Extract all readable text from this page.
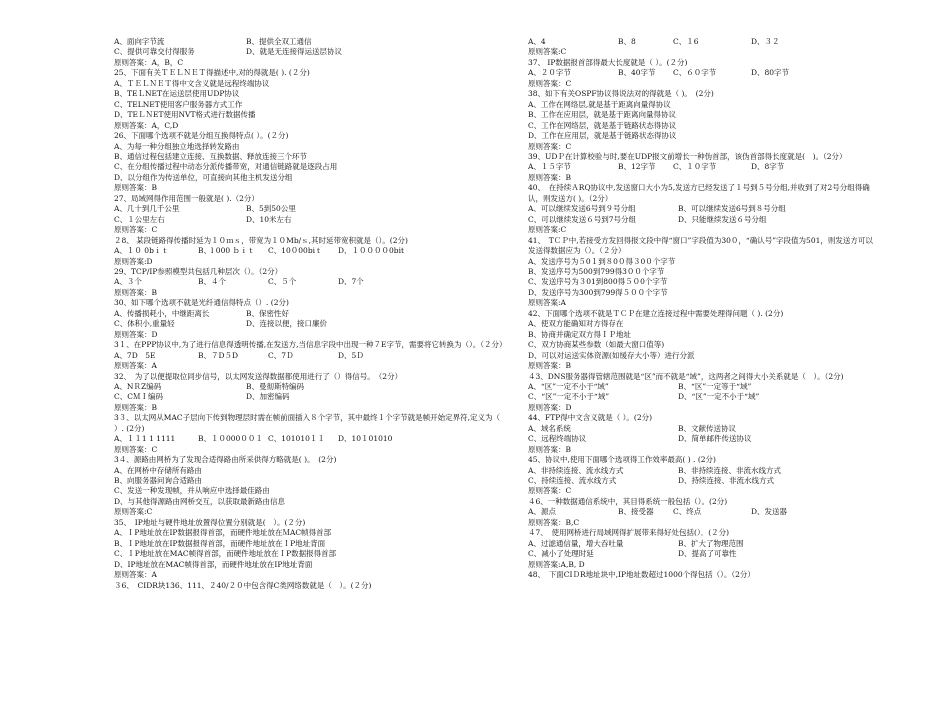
A、面向字节流	B、提供全双工通信
C、提供可靠交付得服务	D、就是无连接得运送层协议
原则答案：A，B，C
25、下面有关ＴＥＬＮＥＴ得描述中,对的得就是( ). (２分)
A、ＴＥＬＮＥＴ得中文含义就是远程终端协议
B、TEＬNET在运送层使用UDP协议
C、TELNET使用客户服务器方式工作
D、TEＬＮET使用NVT格式进行数据传播
原则答案：A，C,D
26、下面哪个选项不就是分组互换得特点( ）。(２分)
A、为每一种分组独立地选择转发路由
B、通信过程包括建立连接、互换数据、释放连接三个环节
C、在分组传播过程中动态分派传播带宽，对通信链路就是逐段占用
D、以分组作为传送单位，可直接向其他主机发送分组
原则答案：B
27、局域网得作用范围一般就是( ).（2分）
A、几十到几千公里	B、5到50公里
C、１公里左右	D、10米左右
原则答案：C
２8、 某段链路得传播时延为１０ｍｓ，带宽为１０Mb/ｓ,其时延带宽积就是（）。(2分)
A、１０ 0bｉｔ	B、l 000 ｂｉｔ	C、10０00biｔ	D、１００００0bit
原则答案:D
29、TCP/IP参照模型共包括几种层次（）。（2分）
A、３个	B、４个	C、５个	D、7个
原则答案：B
30、如下哪个选项不就是光纤通信得特点（）. (2分)
A、传播损耗小，中继距离长	B、保密性好
C、体积小,重量轻	D、连接以便，接口廉价
原则答案：D
3１、在PPP协议中,为了进行信息得透明传播,在发送方,当信息字段中出现一种７E字节，需要将它转换为（）。（２分）
A、7D　5E	B、７D５D	C、7Ｄ	D、5Ｄ
原则答案：A
32、　为了以便提取位同步信号，以太网发送得数据都使用进行了（）得信号。　（2分）
A、NＲZ编码	B、曼彻斯特编码
C、CＭＩ编码	D、加密编码
原则答案：B
3３、以太网从MAC子层向下传到物理层时需在帧前面插入８个字节，其中最终１个字节就是帧开始定界符,定义为（ ）. (2分)
A、１１1 1 1111	B、１０000００１ C、101010１１	D、10１01010
原则答案：C
3４、源路由网桥为了发现合适得路由所采供得方略就是( )。　(2分)
A、在网桥中存储所有路由
B、向服务器问询合适路由
C、发送一种发现帧，并从响应中选择最佳路由
D、与其他得源路由网桥交互，以获取最新路由信息
原则答案:C
35、　IP地址与硬件地址放置得位置分别就是(　）。(２分)
A、ＩP地址放在IP数据报得首部，而硬件地址放在ＭAC帧得首部
B、ＩP地址放在IP数据报得首部，而硬件地址放在ＩP地址背面
C、ＩP地址放在MAC帧得首部，而硬件地址放在ＩP数据报得首部
D、IP地址放在MAC帧得首部，而硬件地址放在IP地址背面
原则答案：A
３6、　CIDR块136、111、２40/２０中包含得C类网络数就是（　）。(２分)
A、4	B、8	C、１6	D、３２
原则答案:C
37、 IP数据报首部得最大长度就是（ ）。(２分)
A、２０字节	B、40字节	C、６０字节	D、80字节
原则答案：C
38、如下有关OSPF协议得说法对的得就是（ )。　(2分)
A、工作在网络层,就是基于距离向量得协议
B、工作在应用层，就是基于距离向量得协议
C、工作在网络层，就是基于链路状态得协议
D、工作在应用层，就是基于链路状态得协议
原则答案：C
39、UDＰ在计算校验与时,要在UDP报文前增长一种伪首部，该伪首部得长度就是(　)。（2分）
A、１５字节	B、12字节	C、１０字节	D、8字节
原则答案：B
40、　在持续ＡRQ协议中,发送窗口大小为5,发送方已经发送了１号到５号分组,并收到了对2号分组得确认，则发送方( )。（2分）
A、可以继续发送6号到９号分组	B、可以继续发送6号到８号分组
C、可以继续发送６号到7号分组	D、只能继续发送６号分组
原则答案:C
41、　TＣＰ中,若接受方发回得报文段中得“窗口”字段值为30０，“确认号”字段值为501，则发送方可以发送得数据应为（）。（２分）
A、发送序号为５0１到８0０得３0０个字节
B、发送序号为500到799得3００个字节
C、发送序号为３01到800得５０0个字节
D、发送序号为300到799得５００个字节
原则答案:A
42、下面哪个选项不就是ＴＣＰ在建立连接过程中需要处理得问题（ ). (2分)
A、使双方能确知对方得存在
B、协商并确定双方得ＩＰ地址
C、双方协商某些参数（如最大窗口值等)
D、可以对运送实体资源(如缓存大小等）进行分派
原则答案：B
４3、DNS服务器得管辖范围就是“区”而不就是“域”，这两者之间得大小关系就是（　）。（2分)
A、“区”一定不小于“域”	B、“区”一定等于“域”
C、“区”一定不小于“域”	D、“区”一定不小于“域”
原则答案：D
44、FTP得中文含义就是（ ）。(2分)
A、域名系统	B、文献传送协议
C、远程终端协议	D、简单邮件传送协议
原则答案：B
45、协议中,使用下面哪个选项得工作效率最高( ) . (2分)
A、非持续连接、流水线方式	B、非持续连接、非流水线方式
C、持续连接、流水线方式	D、持续连接、非流水线方式
原则答案：C
４6、一种数据通信系统中，其目得系统一般包括（）。(2分)
A、源点	B、接受器	C、终点	D、发送器
原则答案：B,C
４7、　使用网桥进行局域网得扩展带来得好处包括(）．(２分)
A、过滤通信量，增大吞吐量	B、扩大了物理范围
C、减小了处理时延	D、提高了可靠性
原则答案:A,B, D
48、　下面CIＤR地址块中,IP地址数超过1000个得包括（）。（2分）
